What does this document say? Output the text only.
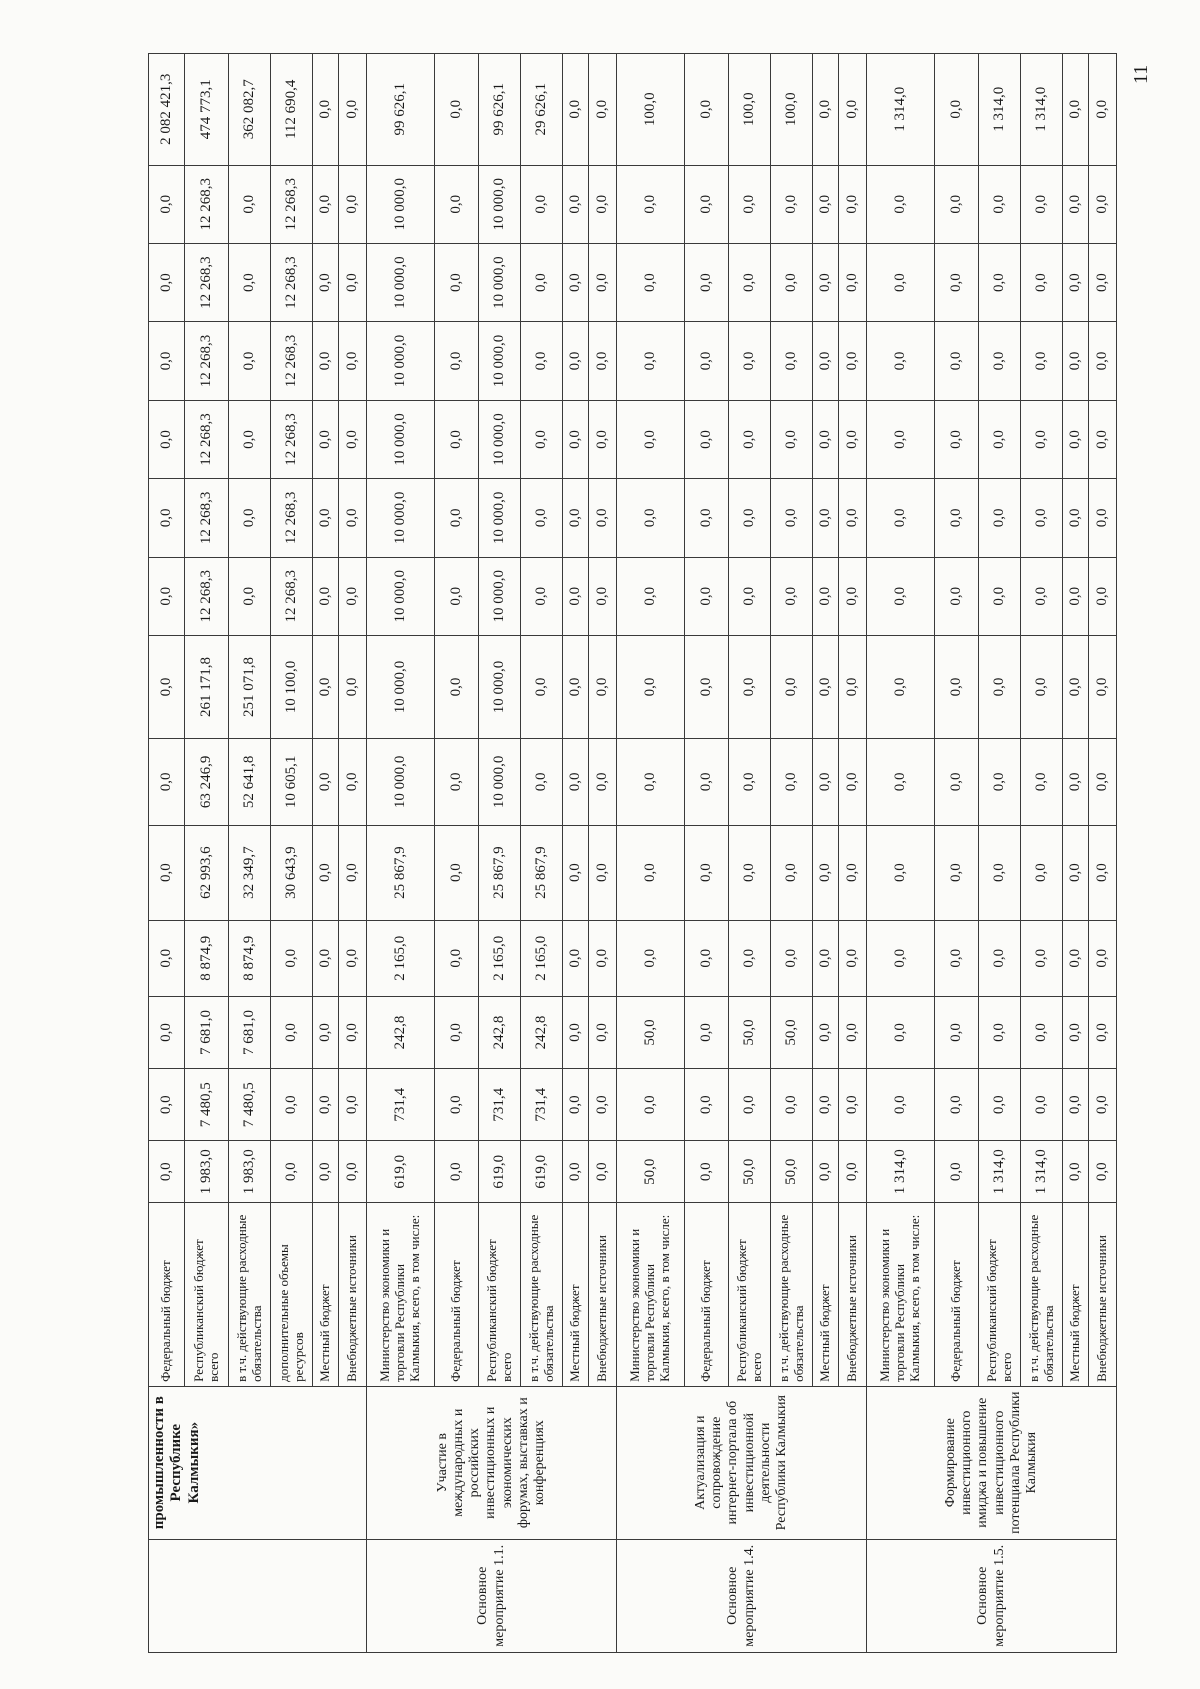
	промышленности в Республике Калмыкия»	Федеральный бюджет	0,0	0,0	0,0	0,0	0,0	0,0	0,0	0,0	0,0	0,0	0,0	0,0	0,0	2 082 421,3
		Республиканский бюджет всего	1 983,0	7 480,5	7 681,0	8 874,9	62 993,6	63 246,9	261 171,8	12 268,3	12 268,3	12 268,3	12 268,3	12 268,3	12 268,3	474 773,1
		в т.ч. действующие расходные обязательства	1 983,0	7 480,5	7 681,0	8 874,9	32 349,7	52 641,8	251 071,8	0,0	0,0	0,0	0,0	0,0	0,0	362 082,7
		дополнительные объемы ресурсов	0,0	0,0	0,0	0,0	30 643,9	10 605,1	10 100,0	12 268,3	12 268,3	12 268,3	12 268,3	12 268,3	12 268,3	112 690,4
		Местный бюджет	0,0	0,0	0,0	0,0	0,0	0,0	0,0	0,0	0,0	0,0	0,0	0,0	0,0	0,0
		Внебюджетные источники	0,0	0,0	0,0	0,0	0,0	0,0	0,0	0,0	0,0	0,0	0,0	0,0	0,0	0,0
Основное мероприятие 1.1.	Участие в международных и российских инвестиционных и экономических форумах, выставках и конференциях	Министерство экономики и торговли Республики Калмыкия, всего, в том числе:	619,0	731,4	242,8	2 165,0	25 867,9	10 000,0	10 000,0	10 000,0	10 000,0	10 000,0	10 000,0	10 000,0	10 000,0	99 626,1
		Федеральный бюджет	0,0	0,0	0,0	0,0	0,0	0,0	0,0	0,0	0,0	0,0	0,0	0,0	0,0	0,0
		Республиканский бюджет всего	619,0	731,4	242,8	2 165,0	25 867,9	10 000,0	10 000,0	10 000,0	10 000,0	10 000,0	10 000,0	10 000,0	10 000,0	99 626,1
		в т.ч. действующие расходные обязательства	619,0	731,4	242,8	2 165,0	25 867,9	0,0	0,0	0,0	0,0	0,0	0,0	0,0	0,0	29 626,1
		Местный бюджет	0,0	0,0	0,0	0,0	0,0	0,0	0,0	0,0	0,0	0,0	0,0	0,0	0,0	0,0
		Внебюджетные источники	0,0	0,0	0,0	0,0	0,0	0,0	0,0	0,0	0,0	0,0	0,0	0,0	0,0	0,0
Основное мероприятие 1.4.	Актуализация и сопровождение интернет-портала об инвестиционной деятельности Республики Калмыкия	Министерство экономики и торговли Республики Калмыкия, всего, в том числе:	50,0	0,0	50,0	0,0	0,0	0,0	0,0	0,0	0,0	0,0	0,0	0,0	0,0	100,0
		Федеральный бюджет	0,0	0,0	0,0	0,0	0,0	0,0	0,0	0,0	0,0	0,0	0,0	0,0	0,0	0,0
		Республиканский бюджет всего	50,0	0,0	50,0	0,0	0,0	0,0	0,0	0,0	0,0	0,0	0,0	0,0	0,0	100,0
		в т.ч. действующие расходные обязательства	50,0	0,0	50,0	0,0	0,0	0,0	0,0	0,0	0,0	0,0	0,0	0,0	0,0	100,0
		Местный бюджет	0,0	0,0	0,0	0,0	0,0	0,0	0,0	0,0	0,0	0,0	0,0	0,0	0,0	0,0
		Внебюджетные источники	0,0	0,0	0,0	0,0	0,0	0,0	0,0	0,0	0,0	0,0	0,0	0,0	0,0	0,0
Основное мероприятие 1.5.	Формирование инвестиционного имиджа и повышение инвестиционного потенциала Республики Калмыкия	Министерство экономики и торговли Республики Калмыкия, всего, в том числе:	1 314,0	0,0	0,0	0,0	0,0	0,0	0,0	0,0	0,0	0,0	0,0	0,0	0,0	1 314,0
		Федеральный бюджет	0,0	0,0	0,0	0,0	0,0	0,0	0,0	0,0	0,0	0,0	0,0	0,0	0,0	0,0
		Республиканский бюджет всего	1 314,0	0,0	0,0	0,0	0,0	0,0	0,0	0,0	0,0	0,0	0,0	0,0	0,0	1 314,0
		в т.ч. действующие расходные обязательства	1 314,0	0,0	0,0	0,0	0,0	0,0	0,0	0,0	0,0	0,0	0,0	0,0	0,0	1 314,0
		Местный бюджет	0,0	0,0	0,0	0,0	0,0	0,0	0,0	0,0	0,0	0,0	0,0	0,0	0,0	0,0
		Внебюджетные источники	0,0	0,0	0,0	0,0	0,0	0,0	0,0	0,0	0,0	0,0	0,0	0,0	0,0	0,0
11
